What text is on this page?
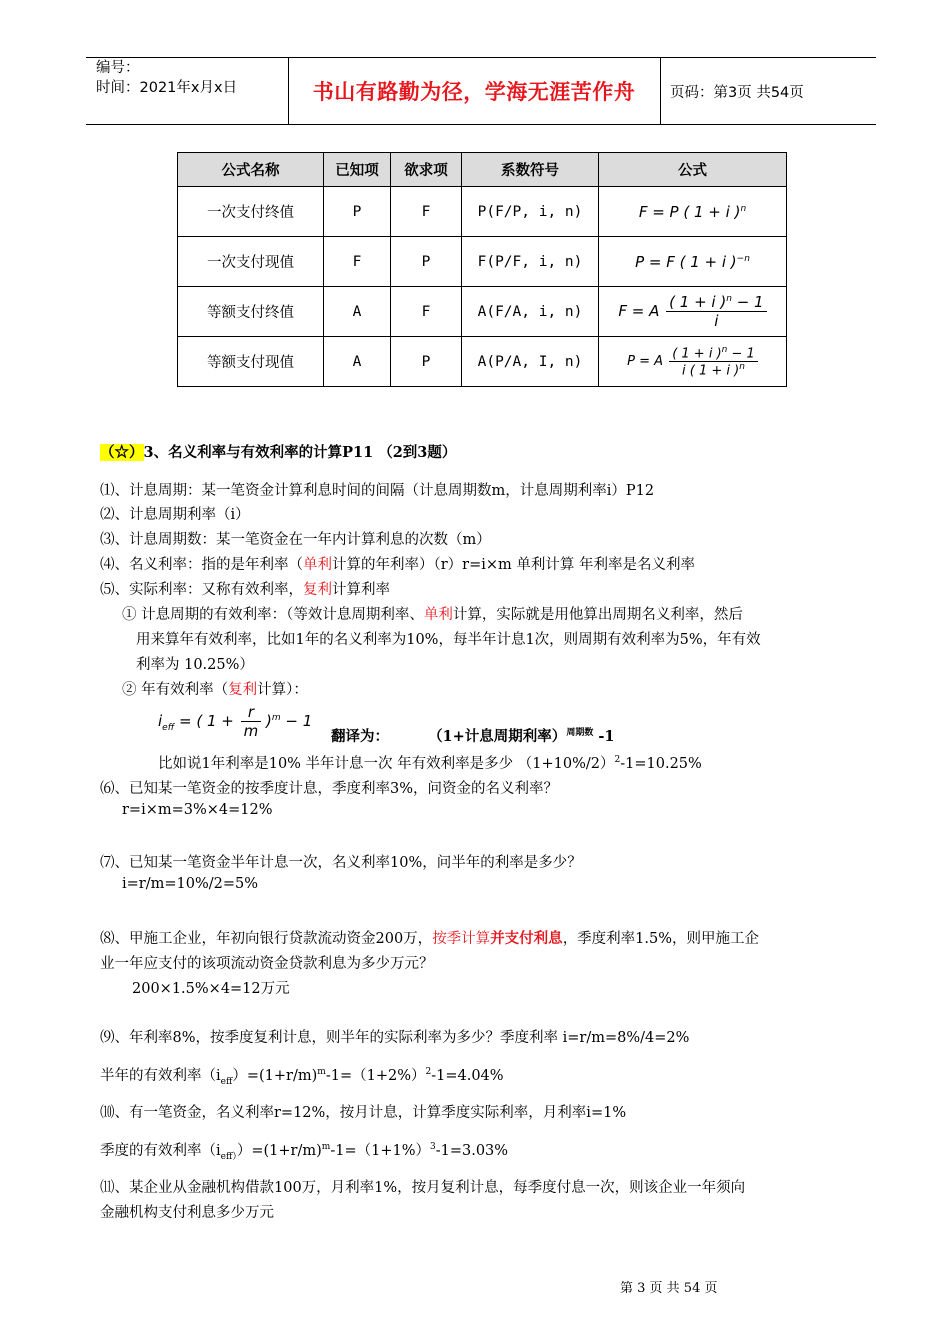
编号：
时间：2021年x月x日	书山有路勤为径，学海无涯苦作舟	页码：第3页 共54页
公式名称	已知项	欲求项	系数符号	公式
一次支付终值	P	F	P(F/P, i, n)	F = P ( 1 + i )$^n$
一次支付现值	F	P	F(P/F, i, n)	P = F ( 1 + i )$^{-n}$
等额支付终值	A	F	A(F/A, i, n)	F = A $\frac{( 1 + i )^n - 1}{i}$

等额支付现值	A	P	A(P/A, I, n)	P = A $\frac{( 1 + i )^n - 1}{i ( 1 + i )^n}$
（☆）3、名义利率与有效利率的计算P11 （2到3题）
⑴、计息周期：某一笔资金计算利息时间的间隔（计息周期数m，计息周期利率i）P12
⑵、计息周期利率（i）
⑶、计息周期数：某一笔资金在一年内计算利息的次数（m）
⑷、名义利率：指的是年利率（单利计算的年利率）（r）r=i×m 单利计算 年利率是名义利率
⑸、实际利率：又称有效利率，复利计算利率
① 计息周期的有效利率：（等效计息周期利率、单利计算，实际就是用他算出周期名义利率，然后
用来算年有效利率，比如1年的名义利率为10%，每半年计息1次，则周期有效利率为5%，年有效
利率为 10.25%）
② 年有效利率（复利计算）：
$i_{eff}$ = ( $1 + \frac{r}{m} )^m - 1$
翻译为：	（1+计息周期利率）$^{周期数}$ -1
比如说1年利率是10% 半年计息一次 年有效利率是多少 $(1+10\%/2)^2-1=10.25\%$
⑹、已知某一笔资金的按季度计息，季度利率3%，问资金的名义利率？
r=i×m=3%×4=12%
⑺、已知某一笔资金半年计息一次，名义利率10%，问半年的利率是多少？
i=r/m=10%/2=5%
⑻、甲施工企业，年初向银行贷款流动资金200万，按季计算并支付利息，季度利率1.5%，则甲施工企
业一年应支付的该项流动资金贷款利息为多少万元？
200×1.5%×4=12万元
⑼、年利率8%，按季度复利计息，则半年的实际利率为多少？季度利率 i=r/m=8%/4=2%
半年的有效利率$(i_{eff})=(1+r/m)^m-1=(1+2\%)^2-1=4.04\%$
⑽、有一笔资金，名义利率r=12%，按月计息，计算季度实际利率，月利率i=1%
季度的有效利率$(i_{eff)})=(1+r/m)^m-1=(1+1\%)^3-1=3.03\%$
⑾、某企业从金融机构借款100万，月利率1%，按月复利计息，每季度付息一次，则该企业一年须向
金融机构支付利息多少万元
第 3 页 共 54 页
